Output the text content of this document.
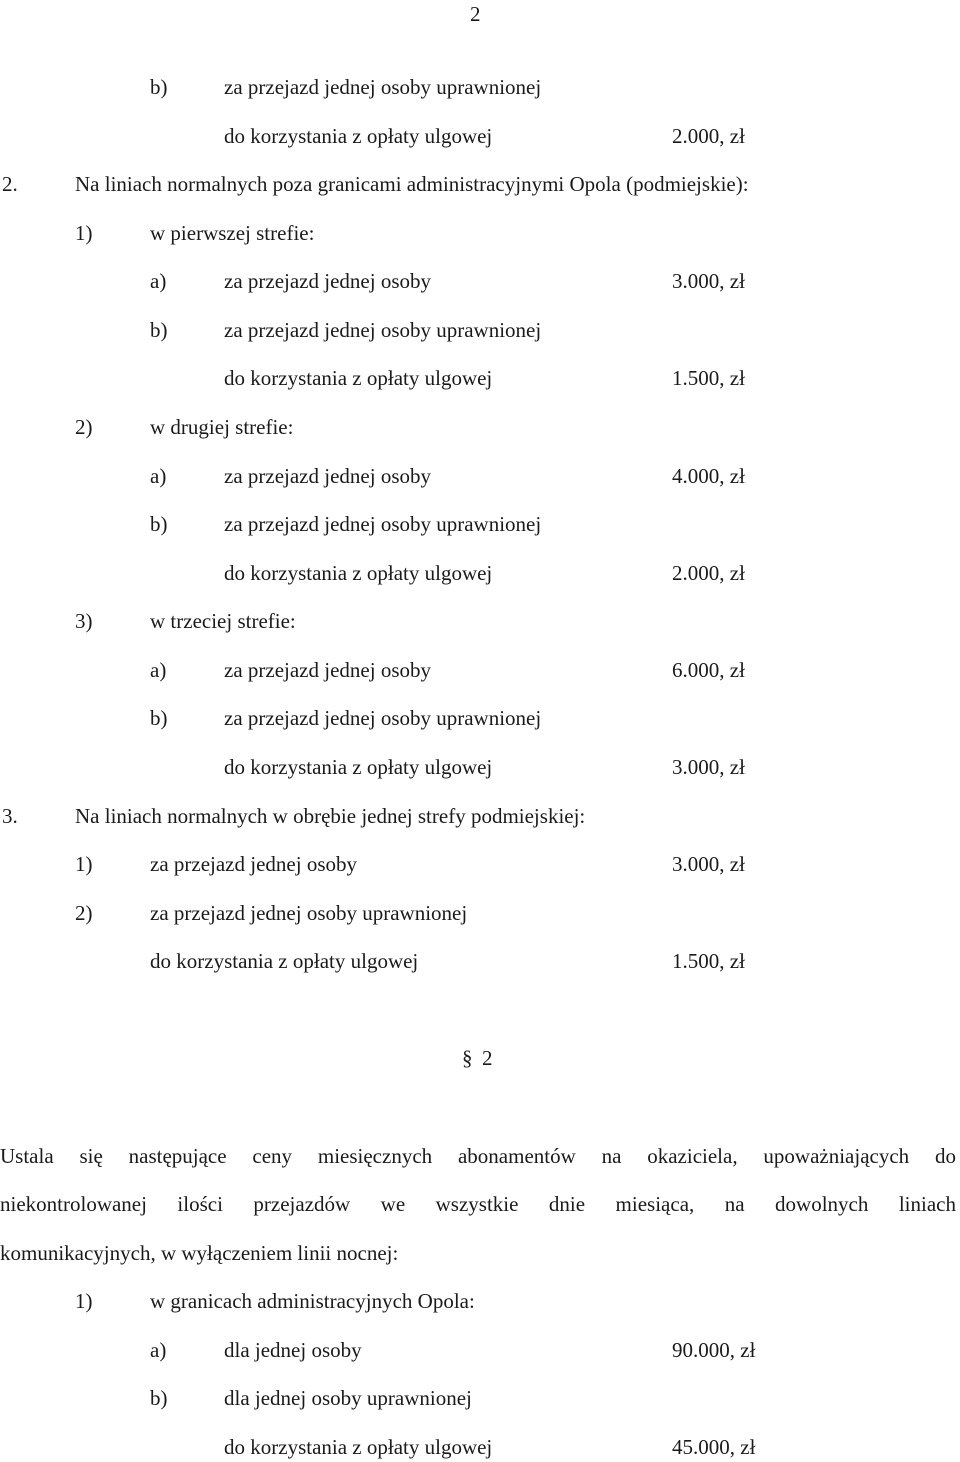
2
b)	za przejazd jednej osoby uprawnionej
do korzystania z opłaty ulgowej	2.000, zł
2.	Na liniach normalnych poza granicami administracyjnymi Opola (podmiejskie):
1)	w pierwszej strefie:
a)	za przejazd jednej osoby	3.000, zł
b)	za przejazd jednej osoby uprawnionej
do korzystania z opłaty ulgowej	1.500, zł
2)	w drugiej strefie:
a)	za przejazd jednej osoby	4.000, zł
b)	za przejazd jednej osoby uprawnionej
do korzystania z opłaty ulgowej	2.000, zł
3)	w trzeciej strefie:
a)	za przejazd jednej osoby	6.000, zł
b)	za przejazd jednej osoby uprawnionej
do korzystania z opłaty ulgowej	3.000, zł
3.	Na liniach normalnych w obrębie jednej strefy podmiejskiej:
1)	za przejazd jednej osoby	3.000, zł
2)	za przejazd jednej osoby uprawnionej
do korzystania z opłaty ulgowej	1.500, zł
§ 2
Ustala się następujące ceny miesięcznych abonamentów na okaziciela, upoważniających do
niekontrolowanej ilości przejazdów we wszystkie dnie miesiąca, na dowolnych liniach
komunikacyjnych, w wyłączeniem linii nocnej:
1)	w granicach administracyjnych Opola:
a)	dla jednej osoby	90.000, zł
b)	dla jednej osoby uprawnionej
do korzystania z opłaty ulgowej	45.000, zł
